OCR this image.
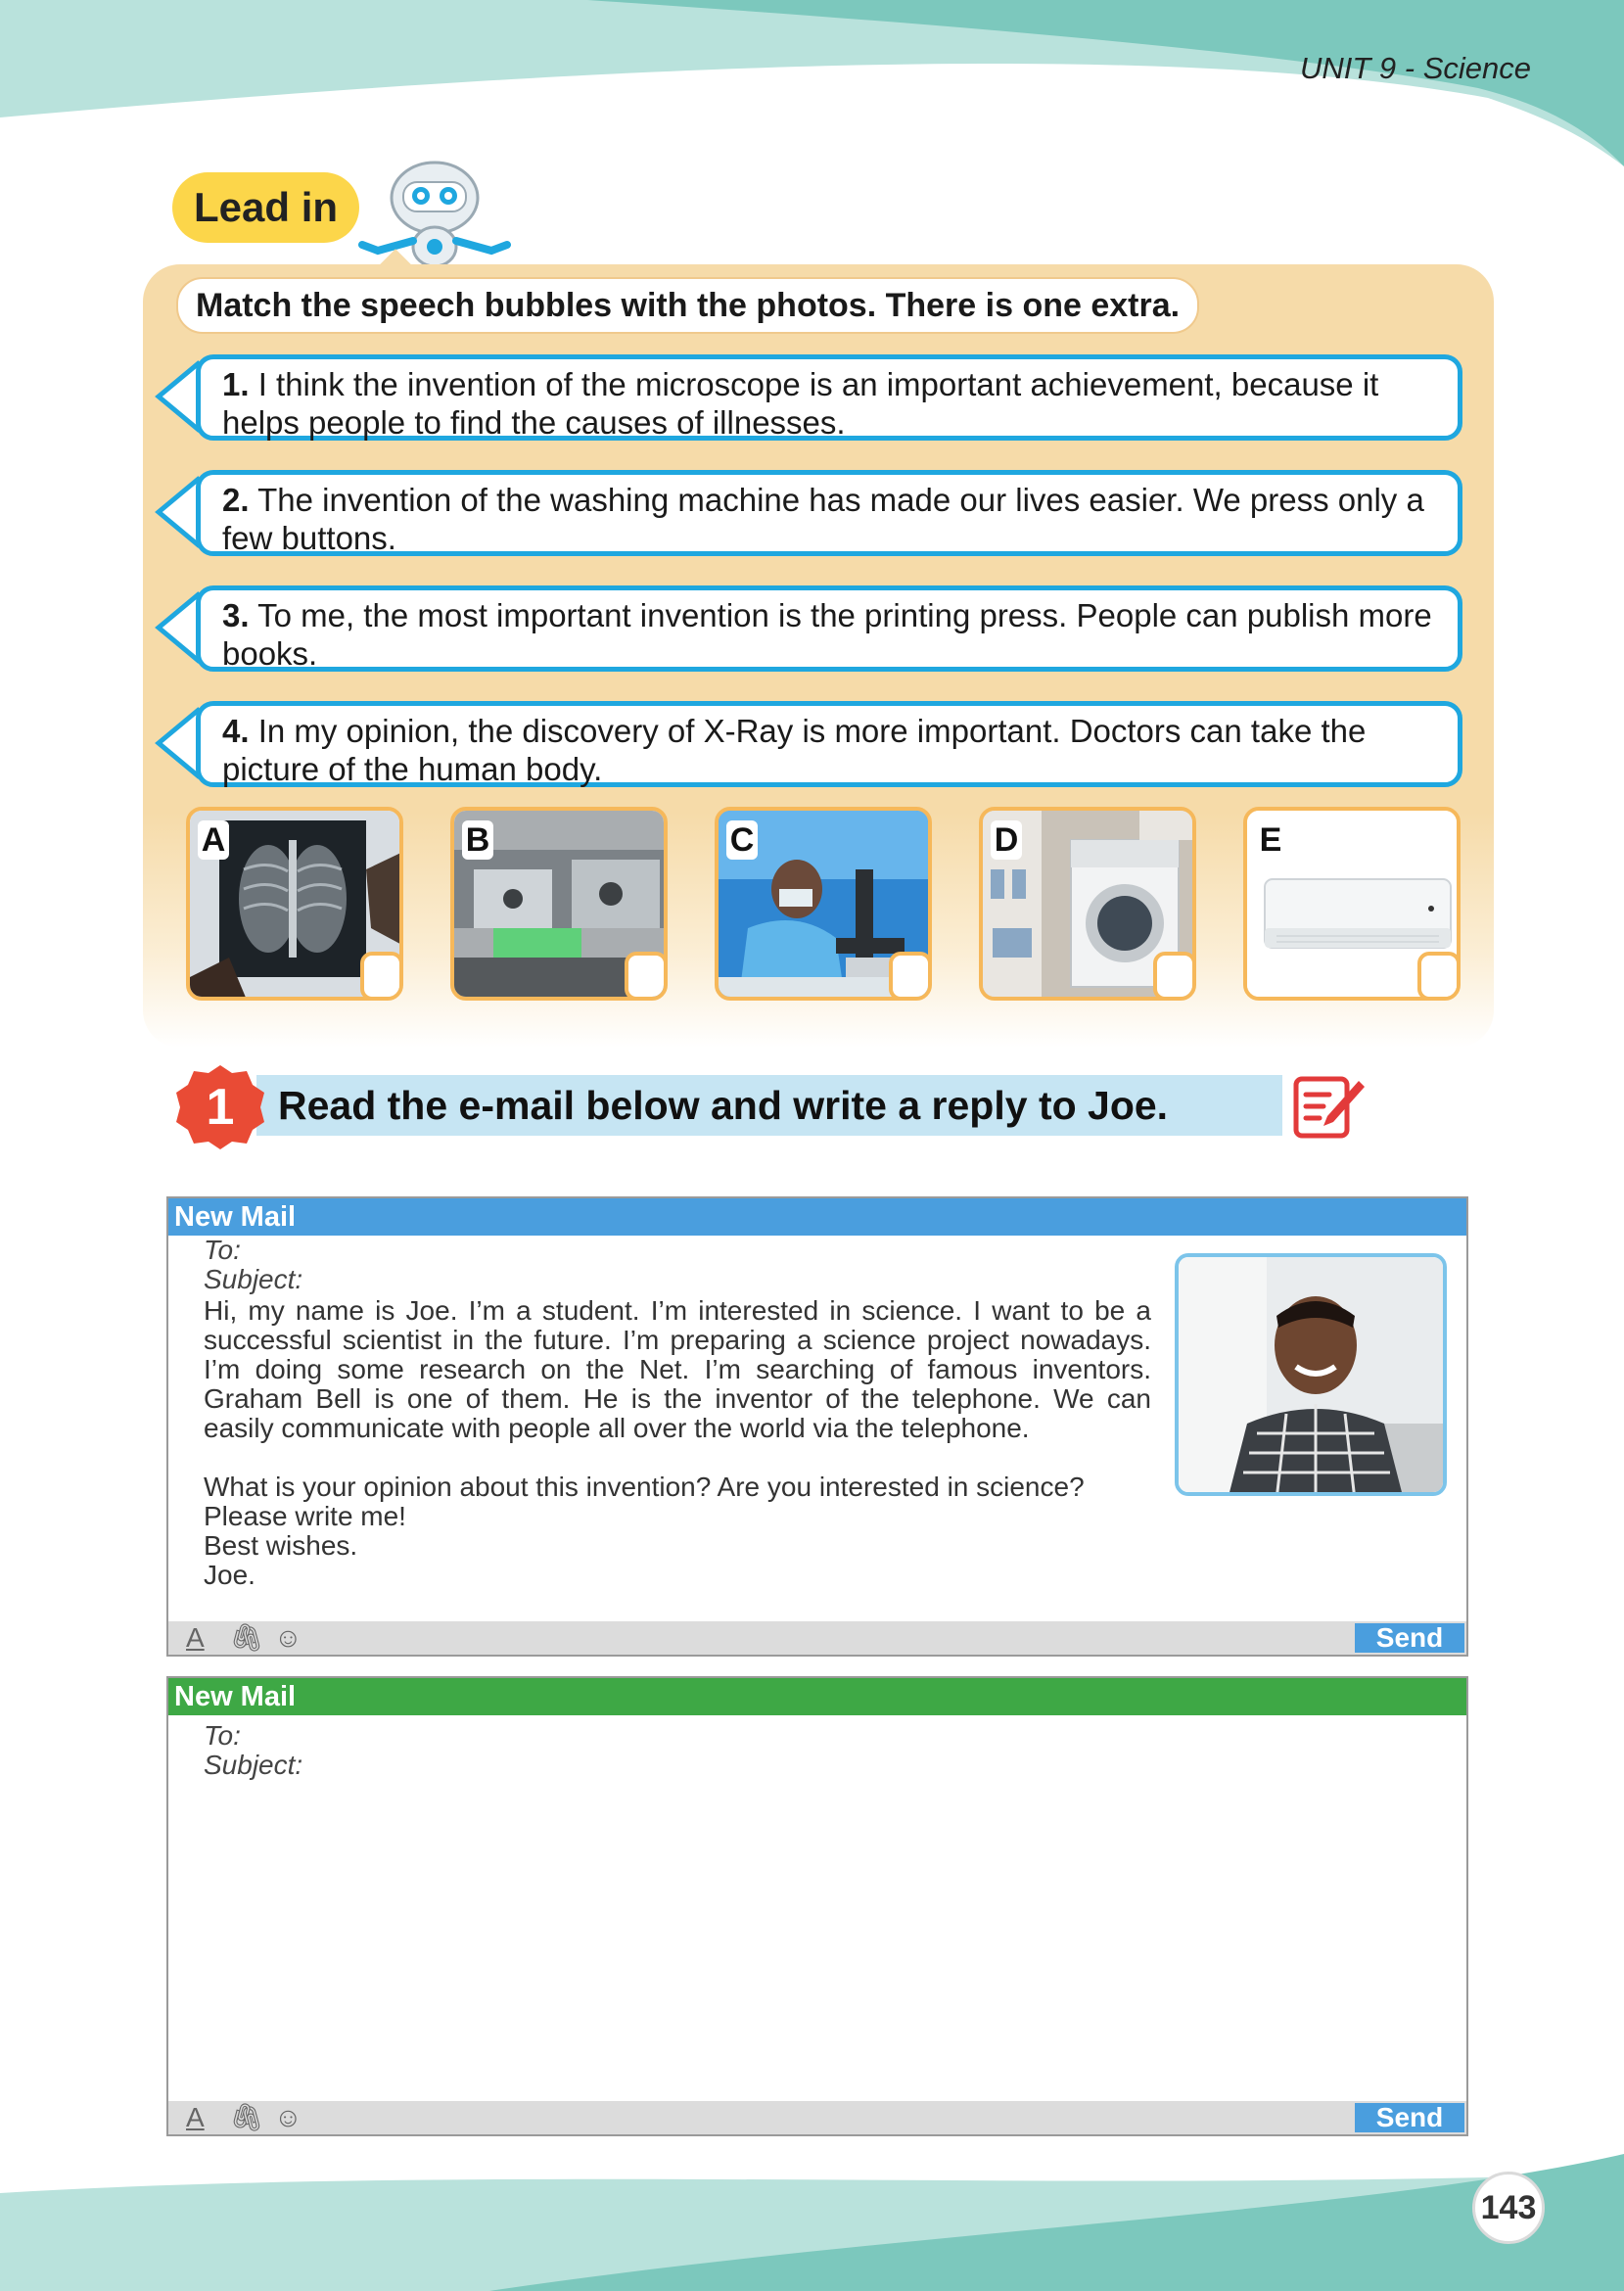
UNIT 9 - Science
Lead in
Match the speech bubbles with the photos. There is one extra.
1. I think the invention of the microscope is an important achievement, because it helps people to find the causes of illnesses.
2. The invention of the washing machine has made our lives easier. We press only a few buttons.
3. To me, the most important invention is the printing press. People can publish more books.
4. In my opinion, the discovery of X-Ray is more important. Doctors can take the picture of the human body.
A	B	C	D	E
1 Read the e-mail below and write a reply to Joe.
New Mail
To:
Subject:

Hi, my name is Joe. I’m a student. I’m interested in science. I want to be a successful scientist in the future. I’m preparing a science project nowadays. I’m doing some research on the Net. I’m searching of famous inventors. Graham Bell is one of them. He is the inventor of the telephone. We can easily communicate with people all over the world via the telephone.

What is your opinion about this invention? Are you interested in science?
Please write me!
Best wishes.
Joe.
A 🖇 ☺	Send
New Mail
To:
Subject:
A 🖇 ☺	Send
143
